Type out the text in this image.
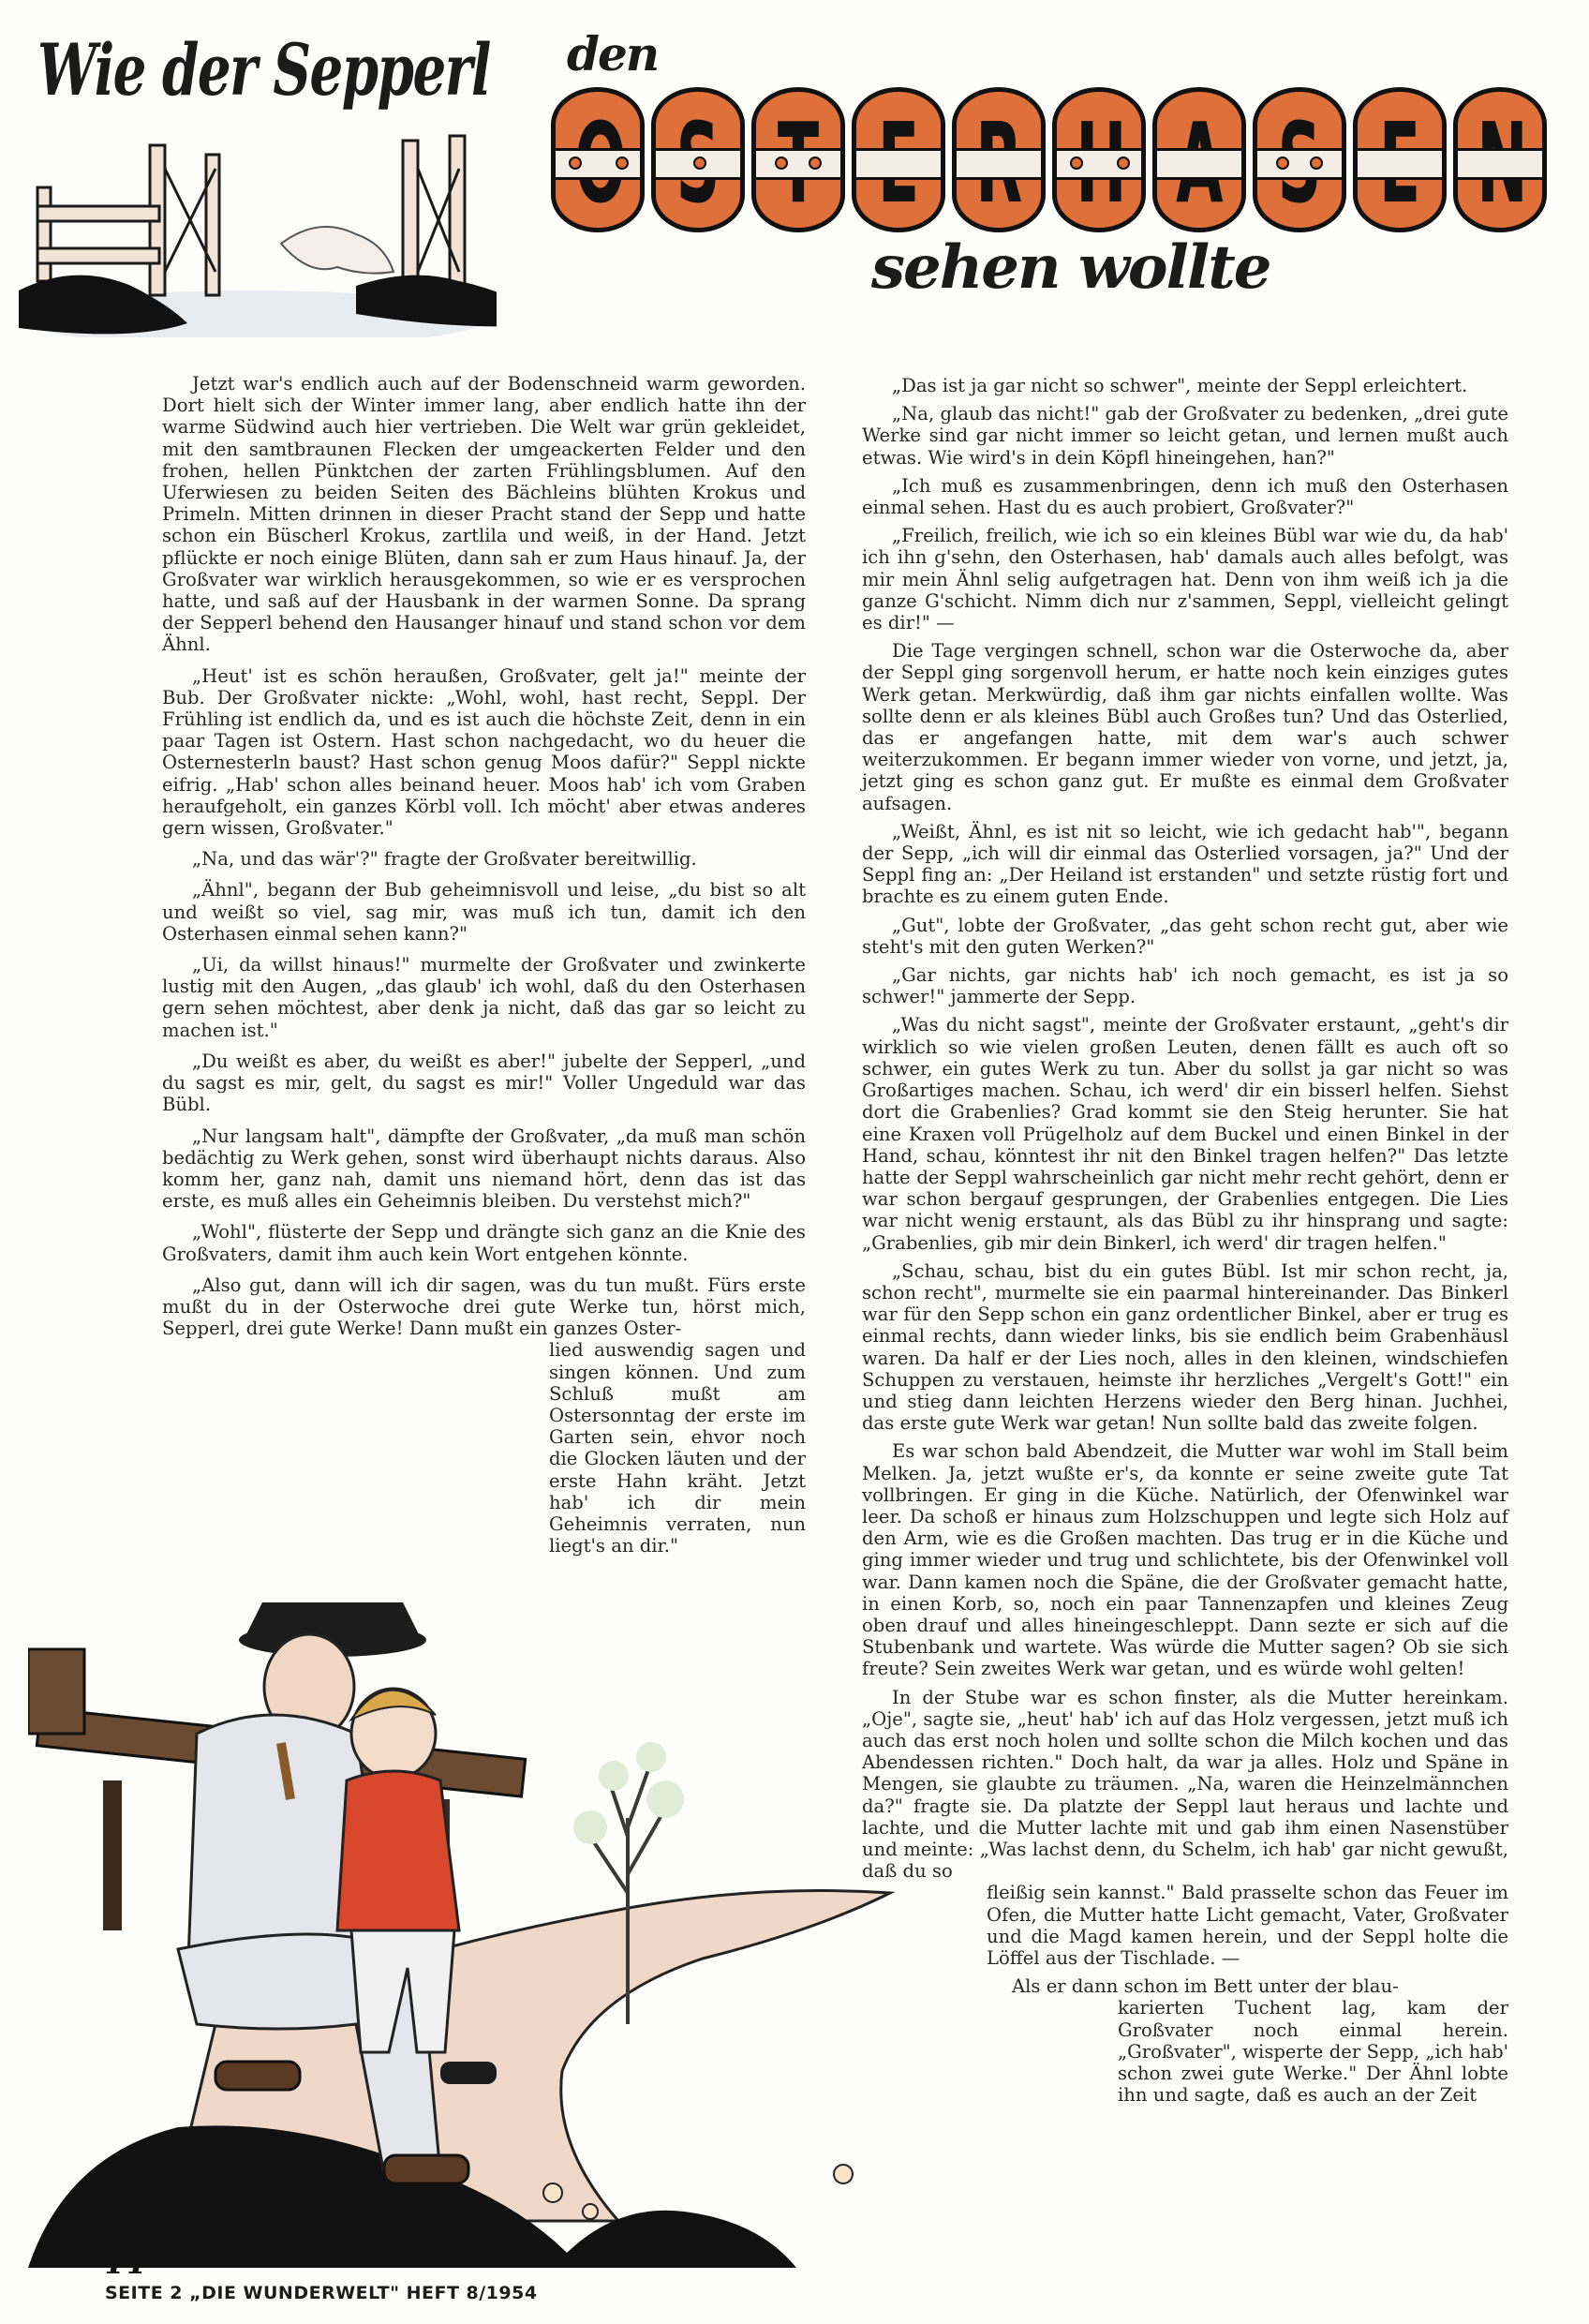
Wie der Sepperl den
sehen wollte

Jetzt war's endlich auch auf der Bodenschneid warm geworden. Dort hielt sich der Winter immer lang, aber endlich hatte ihn der warme Südwind auch hier vertrieben. Die Welt war grün gekleidet, mit den samtbraunen Flecken der umgeackerten Felder und den frohen, hellen Pünktchen der zarten Frühlingsblumen. Auf den Uferwiesen zu beiden Seiten des Bächleins blühten Krokus und Primeln. Mitten drinnen in dieser Pracht stand der Sepp und hatte schon ein Büscherl Krokus, zartlila und weiß, in der Hand. Jetzt pflückte er noch einige Blüten, dann sah er zum Haus hinauf. Ja, der Großvater war wirklich herausgekommen, so wie er es versprochen hatte, und saß auf der Hausbank in der warmen Sonne. Da sprang der Sepperl behend den Hausanger hinauf und stand schon vor dem Ähnl.

„Heut' ist es schön heraußen, Großvater, gelt ja!" meinte der Bub. Der Großvater nickte: „Wohl, wohl, hast recht, Seppl. Der Frühling ist endlich da, und es ist auch die höchste Zeit, denn in ein paar Tagen ist Ostern. Hast schon nachgedacht, wo du heuer die Osternesterln baust? Hast schon genug Moos dafür?" Seppl nickte eifrig. „Hab' schon alles beinand heuer. Moos hab' ich vom Graben heraufgeholt, ein ganzes Körbl voll. Ich möcht' aber etwas anderes gern wissen, Großvater."

„Na, und das wär'?" fragte der Großvater bereitwillig.

„Ähnl", begann der Bub geheimnisvoll und leise, „du bist so alt und weißt so viel, sag mir, was muß ich tun, damit ich den Osterhasen einmal sehen kann?"

„Ui, da willst hinaus!" murmelte der Großvater und zwinkerte lustig mit den Augen, „das glaub' ich wohl, daß du den Osterhasen gern sehen möchtest, aber denk ja nicht, daß das gar so leicht zu machen ist."

„Du weißt es aber, du weißt es aber!" jubelte der Sepperl, „und du sagst es mir, gelt, du sagst es mir!" Voller Ungeduld war das Bübl.

„Nur langsam halt", dämpfte der Großvater, „da muß man schön bedächtig zu Werk gehen, sonst wird überhaupt nichts daraus. Also komm her, ganz nah, damit uns niemand hört, denn das ist das erste, es muß alles ein Geheimnis bleiben. Du verstehst mich?"

„Wohl", flüsterte der Sepp und drängte sich ganz an die Knie des Großvaters, damit ihm auch kein Wort entgehen könnte.

„Also gut, dann will ich dir sagen, was du tun mußt. Fürs erste mußt du in der Osterwoche drei gute Werke tun, hörst mich, Sepperl, drei gute Werke! Dann mußt ein ganzes Oster-

lied auswendig sagen und singen können. Und zum Schluß mußt am Ostersonntag der erste im Garten sein, ehvor noch die Glocken läuten und der erste Hahn kräht. Jetzt hab' ich dir mein Geheimnis verraten, nun liegt's an dir."

„Das ist ja gar nicht so schwer", meinte der Seppl erleichtert.

„Na, glaub das nicht!" gab der Großvater zu bedenken, „drei gute Werke sind gar nicht immer so leicht getan, und lernen mußt auch etwas. Wie wird's in dein Köpfl hineingehen, han?"

„Ich muß es zusammenbringen, denn ich muß den Osterhasen einmal sehen. Hast du es auch probiert, Großvater?"

„Freilich, freilich, wie ich so ein kleines Bübl war wie du, da hab' ich ihn g'sehn, den Osterhasen, hab' damals auch alles befolgt, was mir mein Ähnl selig aufgetragen hat. Denn von ihm weiß ich ja die ganze G'schicht. Nimm dich nur z'sammen, Seppl, vielleicht gelingt es dir!" —

Die Tage vergingen schnell, schon war die Osterwoche da, aber der Seppl ging sorgenvoll herum, er hatte noch kein einziges gutes Werk getan. Merkwürdig, daß ihm gar nichts einfallen wollte. Was sollte denn er als kleines Bübl auch Großes tun? Und das Osterlied, das er angefangen hatte, mit dem war's auch schwer weiterzukommen. Er begann immer wieder von vorne, und jetzt, ja, jetzt ging es schon ganz gut. Er mußte es einmal dem Großvater aufsagen.

„Weißt, Ähnl, es ist nit so leicht, wie ich gedacht hab'", begann der Sepp, „ich will dir einmal das Osterlied vorsagen, ja?" Und der Seppl fing an: „Der Heiland ist erstanden" und setzte rüstig fort und brachte es zu einem guten Ende.

„Gut", lobte der Großvater, „das geht schon recht gut, aber wie steht's mit den guten Werken?"

„Gar nichts, gar nichts hab' ich noch gemacht, es ist ja so schwer!" jammerte der Sepp.

„Was du nicht sagst", meinte der Großvater erstaunt, „geht's dir wirklich so wie vielen großen Leuten, denen fällt es auch oft so schwer, ein gutes Werk zu tun. Aber du sollst ja gar nicht so was Großartiges machen. Schau, ich werd' dir ein bisserl helfen. Siehst dort die Grabenlies? Grad kommt sie den Steig herunter. Sie hat eine Kraxen voll Prügelholz auf dem Buckel und einen Binkel in der Hand, schau, könntest ihr nit den Binkel tragen helfen?" Das letzte hatte der Seppl wahrscheinlich gar nicht mehr recht gehört, denn er war schon bergauf gesprungen, der Grabenlies entgegen. Die Lies war nicht wenig erstaunt, als das Bübl zu ihr hinsprang und sagte: „Grabenlies, gib mir dein Binkerl, ich werd' dir tragen helfen."

„Schau, schau, bist du ein gutes Bübl. Ist mir schon recht, ja, schon recht", murmelte sie ein paarmal hintereinander. Das Binkerl war für den Sepp schon ein ganz ordentlicher Binkel, aber er trug es einmal rechts, dann wieder links, bis sie endlich beim Grabenhäusl waren. Da half er der Lies noch, alles in den kleinen, windschiefen Schuppen zu verstauen, heimste ihr herzliches „Vergelt's Gott!" ein und stieg dann leichten Herzens wieder den Berg hinan. Juchhei, das erste gute Werk war getan! Nun sollte bald das zweite folgen.

Es war schon bald Abendzeit, die Mutter war wohl im Stall beim Melken. Ja, jetzt wußte er's, da konnte er seine zweite gute Tat vollbringen. Er ging in die Küche. Natürlich, der Ofenwinkel war leer. Da schoß er hinaus zum Holzschuppen und legte sich Holz auf den Arm, wie es die Großen machten. Das trug er in die Küche und ging immer wieder und trug und schlichtete, bis der Ofenwinkel voll war. Dann kamen noch die Späne, die der Großvater gemacht hatte, in einen Korb, so, noch ein paar Tannenzapfen und kleines Zeug oben drauf und alles hineingeschleppt. Dann sezte er sich auf die Stubenbank und wartete. Was würde die Mutter sagen? Ob sie sich freute? Sein zweites Werk war getan, und es würde wohl gelten!

In der Stube war es schon finster, als die Mutter hereinkam. „Oje", sagte sie, „heut' hab' ich auf das Holz vergessen, jetzt muß ich auch das erst noch holen und sollte schon die Milch kochen und das Abendessen richten." Doch halt, da war ja alles. Holz und Späne in Mengen, sie glaubte zu träumen. „Na, waren die Heinzelmännchen da?" fragte sie. Da platzte der Seppl laut heraus und lachte und lachte, und die Mutter lachte mit und gab ihm einen Nasenstüber und meinte: „Was lachst denn, du Schelm, ich hab' gar nicht gewußt, daß du so

fleißig sein kannst." Bald prasselte schon das Feuer im Ofen, die Mutter hatte Licht gemacht, Vater, Großvater und die Magd kamen herein, und der Seppl holte die Löffel aus der Tischlade. —

Als er dann schon im Bett unter der blau-

karierten Tuchent lag, kam der Großvater noch einmal herein. „Großvater", wisperte der Sepp, „ich hab' schon zwei gute Werke." Der Ähnl lobte ihn und sagte, daß es auch an der Zeit

44
SEITE 2 „DIE WUNDERWELT" HEFT 8/1954
